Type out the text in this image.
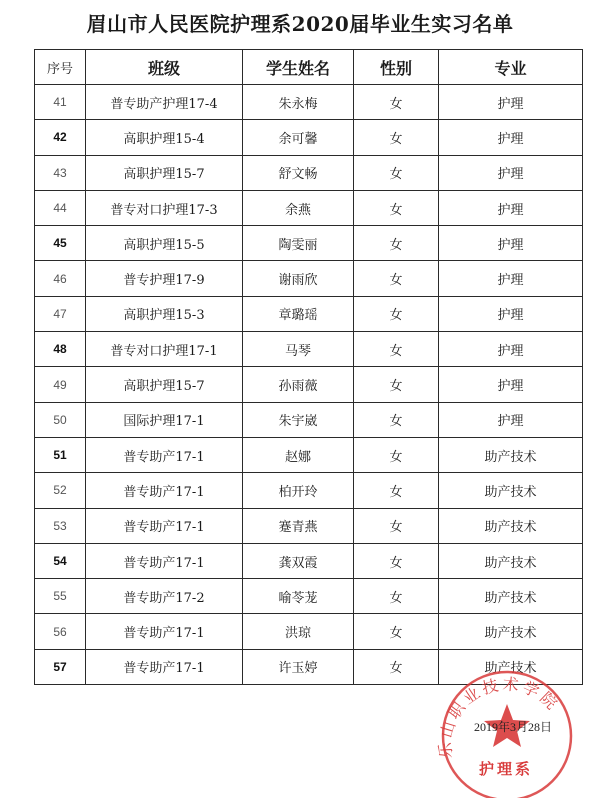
眉山市人民医院护理系2020届毕业生实习名单
序号	班级	学生姓名	性别	专业
41	普专助产护理17-4	朱永梅	女	护理
42	高职护理15-4	余可馨	女	护理
43	高职护理15-7	舒文畅	女	护理
44	普专对口护理17-3	余燕	女	护理
45	高职护理15-5	陶雯丽	女	护理
46	普专护理17-9	谢雨欣	女	护理
47	高职护理15-3	章璐瑶	女	护理
48	普专对口护理17-1	马琴	女	护理
49	高职护理15-7	孙雨薇	女	护理
50	国际护理17-1	朱宇崴	女	护理
51	普专助产17-1	赵娜	女	助产技术
52	普专助产17-1	柏开玲	女	助产技术
53	普专助产17-1	蹇青燕	女	助产技术
54	普专助产17-1	龚双霞	女	助产技术
55	普专助产17-2	喻苓茏	女	助产技术
56	普专助产17-1	洪琼	女	助产技术
57	普专助产17-1	许玉婷	女	助产技术
乐山职业技术学院
2019年3月28日
护理系
